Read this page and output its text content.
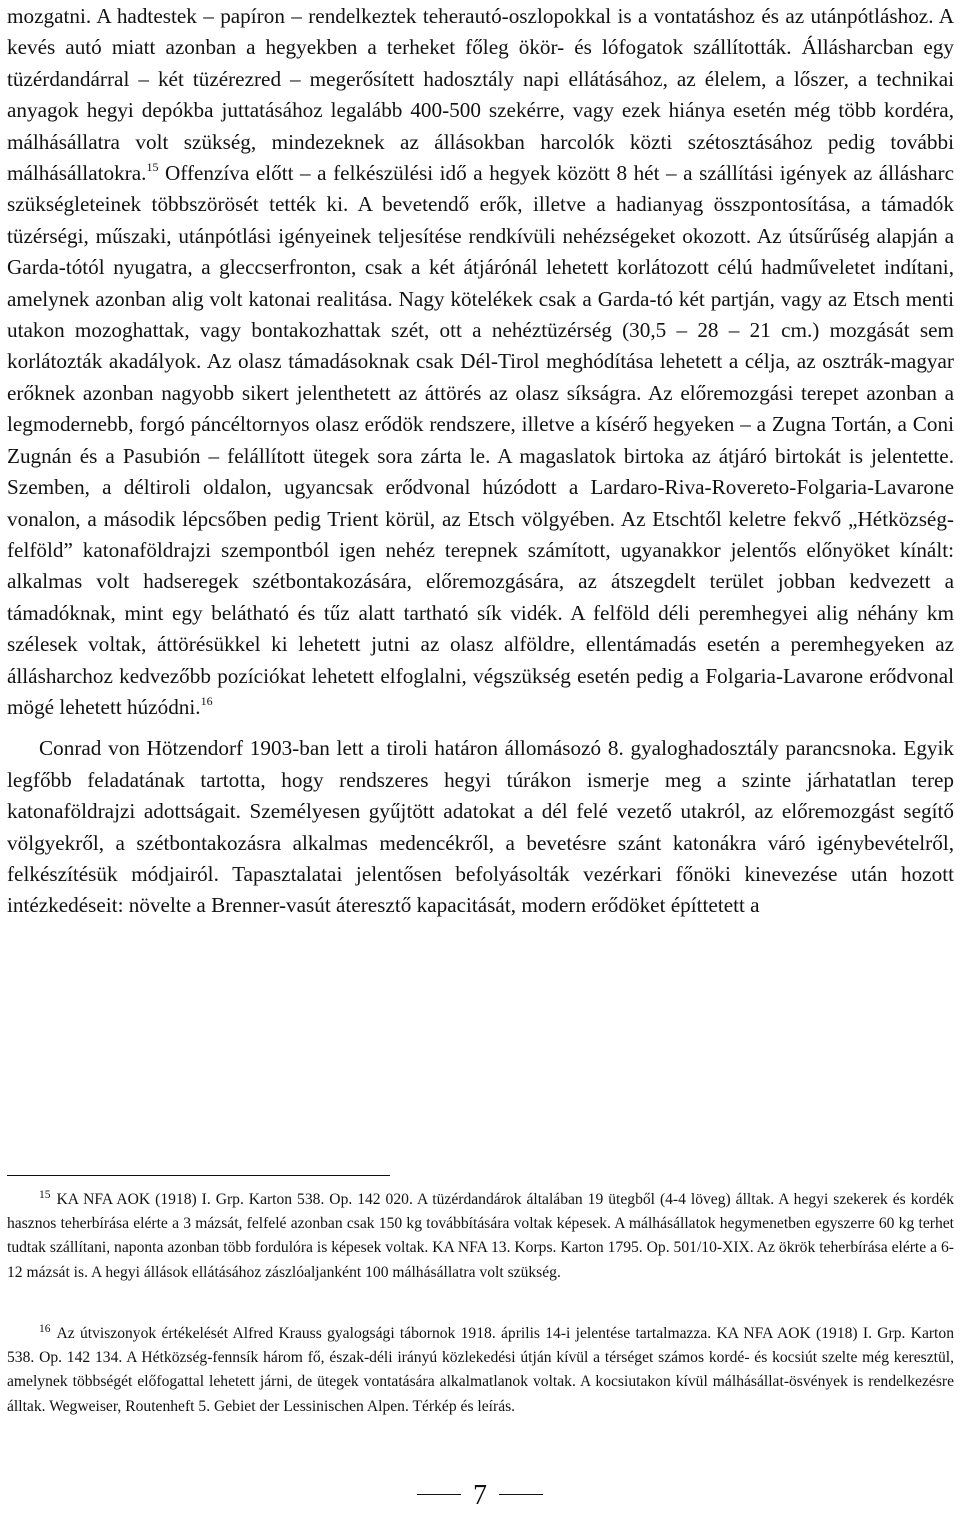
mozgatni. A hadtestek – papíron – rendelkeztek teherautó-oszlopokkal is a vontatáshoz és az utánpótláshoz. A kevés autó miatt azonban a hegyekben a terheket főleg ökör- és lófogatok szállították. Állásharcban egy tüzérdandárral – két tüzérezred – megerősített hadosztály napi ellátásához, az élelem, a lőszer, a technikai anyagok hegyi depókba juttatásához legalább 400-500 szekérre, vagy ezek hiánya esetén még több kordéra, málhásállatra volt szükség, mindezeknek az állásokban harcolók közti szétosztásához pedig további málhásállatokra.$^{15}$ Offenzíva előtt – a felkészülési idő a hegyek között 8 hét – a szállítási igények az állásharc szükségleteinek többszörösét tették ki. A bevetendő erők, illetve a hadianyag összpontosítása, a támadók tüzérségi, műszaki, utánpótlási igényeinek teljesítése rendkívüli nehézségeket okozott. Az útsűrűség alapján a Garda-tótól nyugatra, a gleccserfronton, csak a két átjárónál lehetett korlátozott célú hadműveletet indítani, amelynek azonban alig volt katonai realitása. Nagy kötelékek csak a Garda-tó két partján, vagy az Etsch menti utakon mozoghattak, vagy bontakozhattak szét, ott a nehéztüzérség (30,5 – 28 – 21 cm.) mozgását sem korlátozták akadályok. Az olasz támadásoknak csak Dél-Tirol meghódítása lehetett a célja, az osztrák-magyar erőknek azonban nagyobb sikert jelenthetett az áttörés az olasz síkságra. Az előremozgási terepet azonban a legmodernebb, forgó páncéltornyos olasz erődök rendszere, illetve a kísérő hegyeken – a Zugna Tortán, a Coni Zugnán és a Pasubión – felállított ütegek sora zárta le. A magaslatok birtoka az átjáró birtokát is jelentette. Szemben, a déltiroli oldalon, ugyancsak erődvonal húzódott a Lardaro-Riva-Rovereto-Folgaria-Lavarone vonalon, a második lépcsőben pedig Trient körül, az Etsch völgyében. Az Etschtől keletre fekvő „Hétközség-felföld” katonaföldrajzi szempontból igen nehéz terepnek számított, ugyanakkor jelentős előnyöket kínált: alkalmas volt hadseregek szétbontakozására, előremozgására, az átszegdelt terület jobban kedvezett a támadóknak, mint egy belátható és tűz alatt tartható sík vidék. A felföld déli peremhegyei alig néhány km szélesek voltak, áttörésükkel ki lehetett jutni az olasz alföldre, ellentámadás esetén a peremhegyeken az állásharchoz kedvezőbb pozíciókat lehetett elfoglalni, végszükség esetén pedig a Folgaria-Lavarone erődvonal mögé lehetett húzódni.$^{16}$

Conrad von Hötzendorf 1903-ban lett a tiroli határon állomásozó 8. gyaloghadosztály parancsnoka. Egyik legfőbb feladatának tartotta, hogy rendszeres hegyi túrákon ismerje meg a szinte járhatatlan terep katonaföldrajzi adottságait. Személyesen gyűjtött adatokat a dél felé vezető utakról, az előremozgást segítő völgyekről, a szétbontakozásra alkalmas medencékről, a bevetésre szánt katonákra váró igénybevételről, felkészítésük módjairól. Tapasztalatai jelentősen befolyásolták vezérkari főnöki kinevezése után hozott intézkedéseit: növelte a Brenner-vasút áteresztő kapacitását, modern erődöket építtetett a

$^{15}$ KA NFA AOK (1918) I. Grp. Karton 538. Op. 142 020. A tüzérdandárok általában 19 ütegből (4-4 löveg) álltak. A hegyi szekerek és kordék hasznos teherbírása elérte a 3 mázsát, felfelé azonban csak 150 kg továbbítására voltak képesek. A málhásállatok hegymenetben egyszerre 60 kg terhet tudtak szállítani, naponta azonban több fordulóra is képesek voltak. KA NFA 13. Korps. Karton 1795. Op. 501/10-XIX. Az ökrök teherbírása elérte a 6-12 mázsát is. A hegyi állások ellátásához zászlóaljanként 100 málhásállatra volt szükség.

$^{16}$ Az útviszonyok értékelését Alfred Krauss gyalogsági tábornok 1918. április 14-i jelentése tartalmazza. KA NFA AOK (1918) I. Grp. Karton 538. Op. 142 134. A Hétközség-fennsík három fő, észak-déli irányú közlekedési útján kívül a térséget számos kordé- és kocsiút szelte még keresztül, amelynek többségét előfogattal lehetett járni, de ütegek vontatására alkalmatlanok voltak. A kocsiutakon kívül málhásállat-ösvények is rendelkezésre álltak. Wegweiser, Routenheft 5. Gebiet der Lessinischen Alpen. Térkép és leírás.

7
